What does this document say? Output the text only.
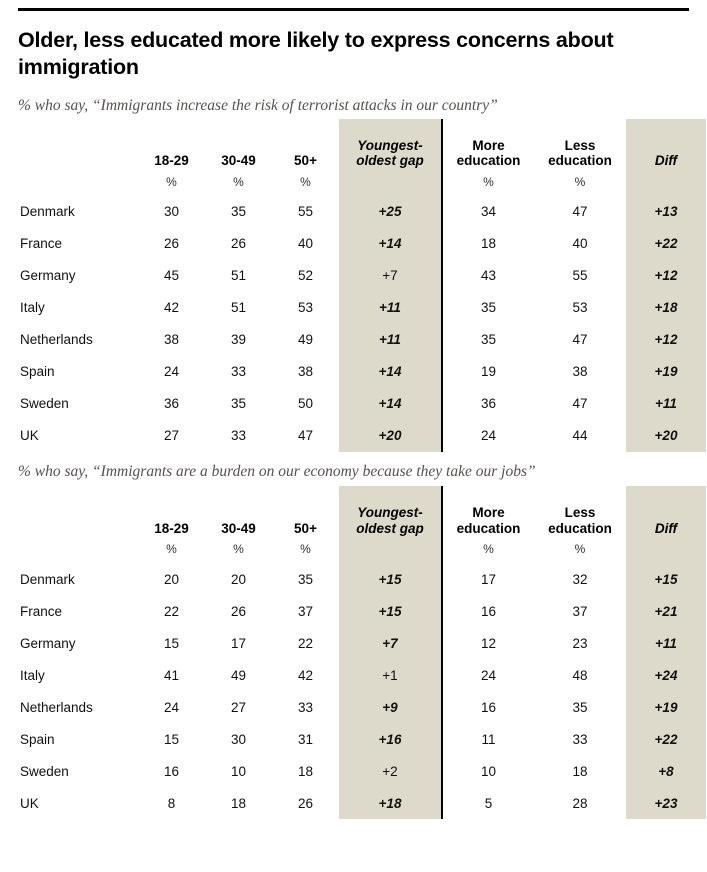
Older, less educated more likely to express concerns about immigration
% who say, “Immigrants increase the risk of terrorist attacks in our country”
	18-29	30-49	50+	Youngest-oldest gap	More education	Less education	Diff
	%	%	%		%	%	
Denmark	30	35	55	+25	34	47	+13
France	26	26	40	+14	18	40	+22
Germany	45	51	52	+7	43	55	+12
Italy	42	51	53	+11	35	53	+18
Netherlands	38	39	49	+11	35	47	+12
Spain	24	33	38	+14	19	38	+19
Sweden	36	35	50	+14	36	47	+11
UK	27	33	47	+20	24	44	+20
% who say, “Immigrants are a burden on our economy because they take our jobs”
	18-29	30-49	50+	Youngest-oldest gap	More education	Less education	Diff
	%	%	%		%	%	
Denmark	20	20	35	+15	17	32	+15
France	22	26	37	+15	16	37	+21
Germany	15	17	22	+7	12	23	+11
Italy	41	49	42	+1	24	48	+24
Netherlands	24	27	33	+9	16	35	+19
Spain	15	30	31	+16	11	33	+22
Sweden	16	10	18	+2	10	18	+8
UK	8	18	26	+18	5	28	+23
